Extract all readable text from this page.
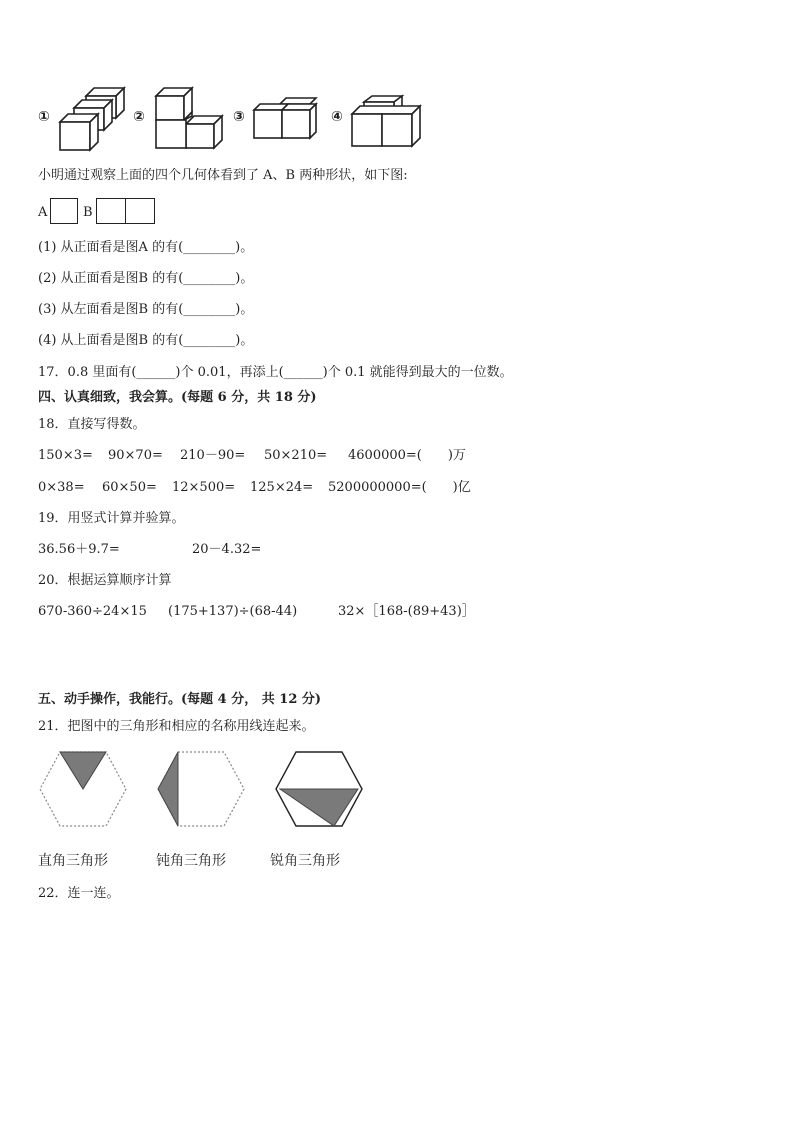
①	②	③	④
小明通过观察上面的四个几何体看到了 A、B 两种形状，如下图:
A	B
(1) 从正面看是图A 的有(________)。
(2) 从正面看是图B 的有(________)。
(3) 从左面看是图B 的有(________)。
(4) 从上面看是图B 的有(________)。
17．0.8 里面有(______)个 0.01，再添上(______)个 0.1 就能得到最大的一位数。
四、认真细致，我会算。(每题 6 分，共 18 分)
18．直接写得数。
150×3= 90×70= 210－90= 50×210= 4600000=(　　)万
0×38= 60×50= 12×500= 125×24= 5200000000=(　　)亿
19．用竖式计算并验算。
36.56＋9.7=	20－4.32=
20．根据运算顺序计算
670-360÷24×15 (175+137)÷(68-44)	32×［168-(89+43)］
五、动手操作，我能行。(每题 4 分， 共 12 分)
21．把图中的三角形和相应的名称用线连起来。
直角三角形	钝角三角形	锐角三角形
22．连一连。
